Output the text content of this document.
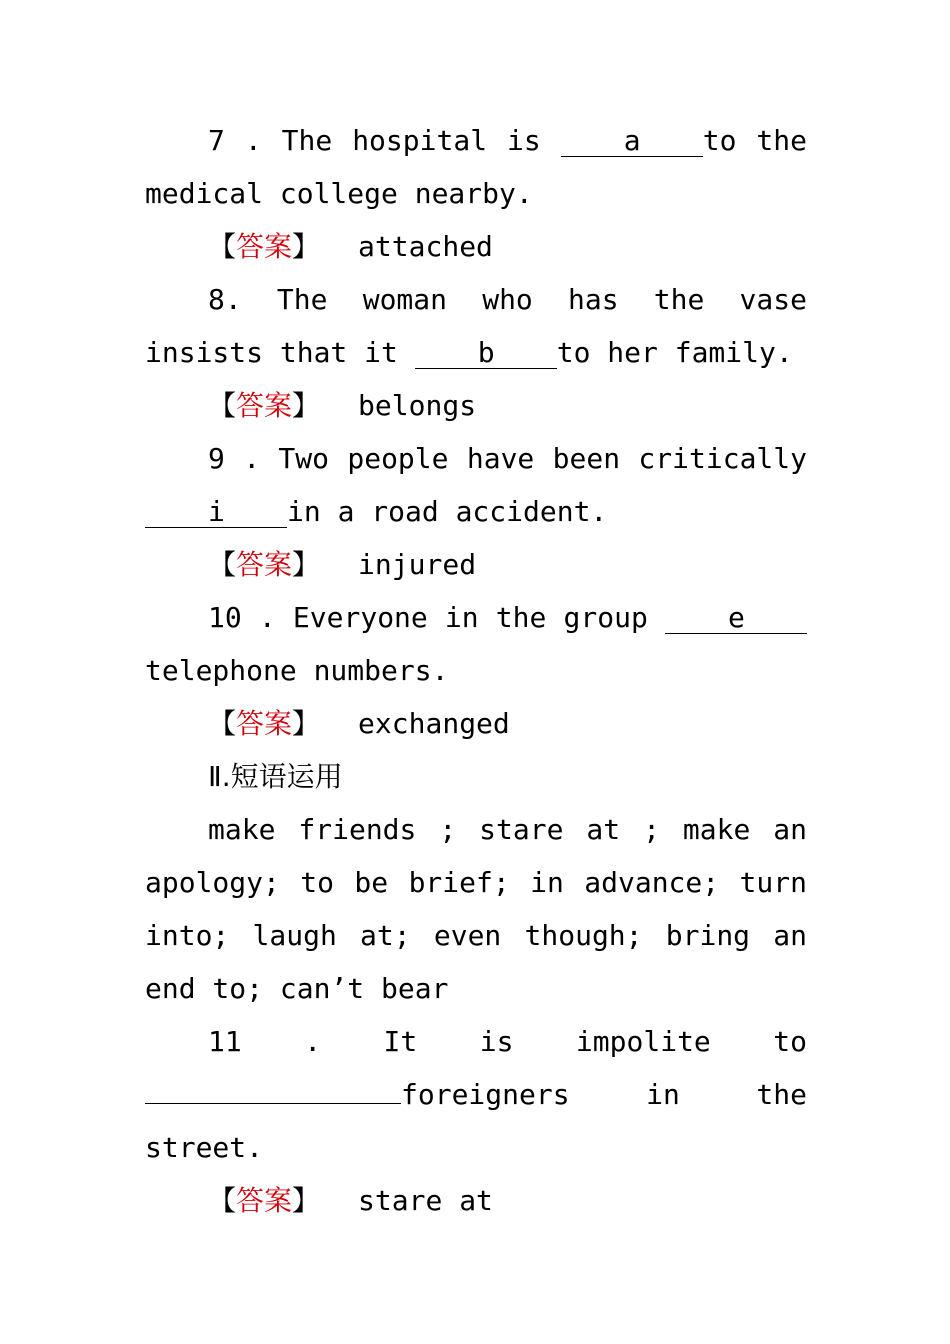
7 . The hospital is a to the medical college nearby.

【答案】 attached

8. The woman who has the vase insists that it b to her family.

【答案】 belongs

9 . Two people have been critically i in a road accident.

【答案】 injured

10 . Everyone in the group etelephone numbers.

【答案】 exchanged

Ⅱ.短语运用

make friends ; stare at ; make an apology; to be brief; in advance; turn into; laugh at; even though; bring an end to; can’t bear

11 . It is impolite toforeigners in the street.

【答案】 stare at
